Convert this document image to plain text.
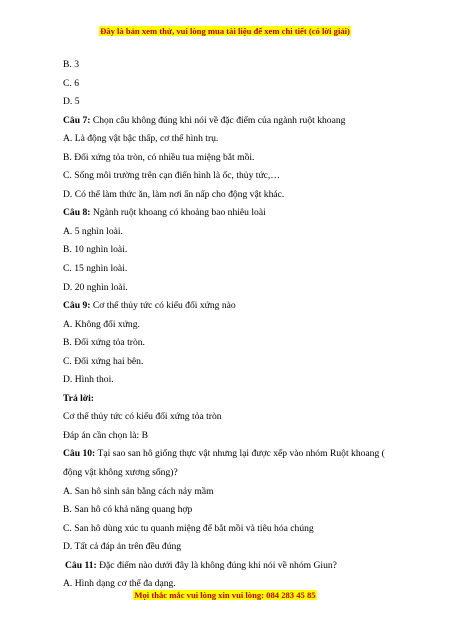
Đây là bản xem thử, vui lòng mua tài liệu để xem chi tiết (có lời giải)
B. 3
C. 6
D. 5
Câu 7: Chọn câu không đúng khi nói về đặc điểm của ngành ruột khoang
A. Là động vật bậc thấp, cơ thể hình trụ.
B. Đối xứng tỏa tròn, có nhiều tua miệng bắt mồi.
C. Sống môi trường trên cạn điển hình là ốc, thủy tức,…
D. Có thể làm thức ăn, làm nơi ẩn nấp cho động vật khác.
Câu 8: Ngành ruột khoang có khoảng bao nhiêu loài
A. 5 nghìn loài.
B. 10 nghìn loài.
C. 15 nghìn loài.
D. 20 nghìn loài.
Câu 9: Cơ thể thủy tức có kiểu đối xứng nào
A. Không đối xứng.
B. Đối xứng tỏa tròn.
C. Đối xứng hai bên.
D. Hình thoi.
Trả lời:
Cơ thể thủy tức có kiểu đối xứng tỏa tròn
Đáp án cần chọn là: B
Câu 10: Tại sao san hô giống thực vật nhưng lại được xếp vào nhóm Ruột khoang ( động vật không xương sống)?
A. San hô sinh sản bằng cách nảy mầm
B. San hô có khả năng quang hợp
C. San hô dùng xúc tu quanh miệng để bắt mồi và tiêu hóa chúng
D. Tất cả đáp án trên đều đúng
Câu 11: Đặc điểm nào dưới đây là không đúng khi nói về nhóm Giun?
A. Hình dạng cơ thể đa dạng.
Mọi thắc mắc vui lòng xin vui lòng: 084 283 45 85
